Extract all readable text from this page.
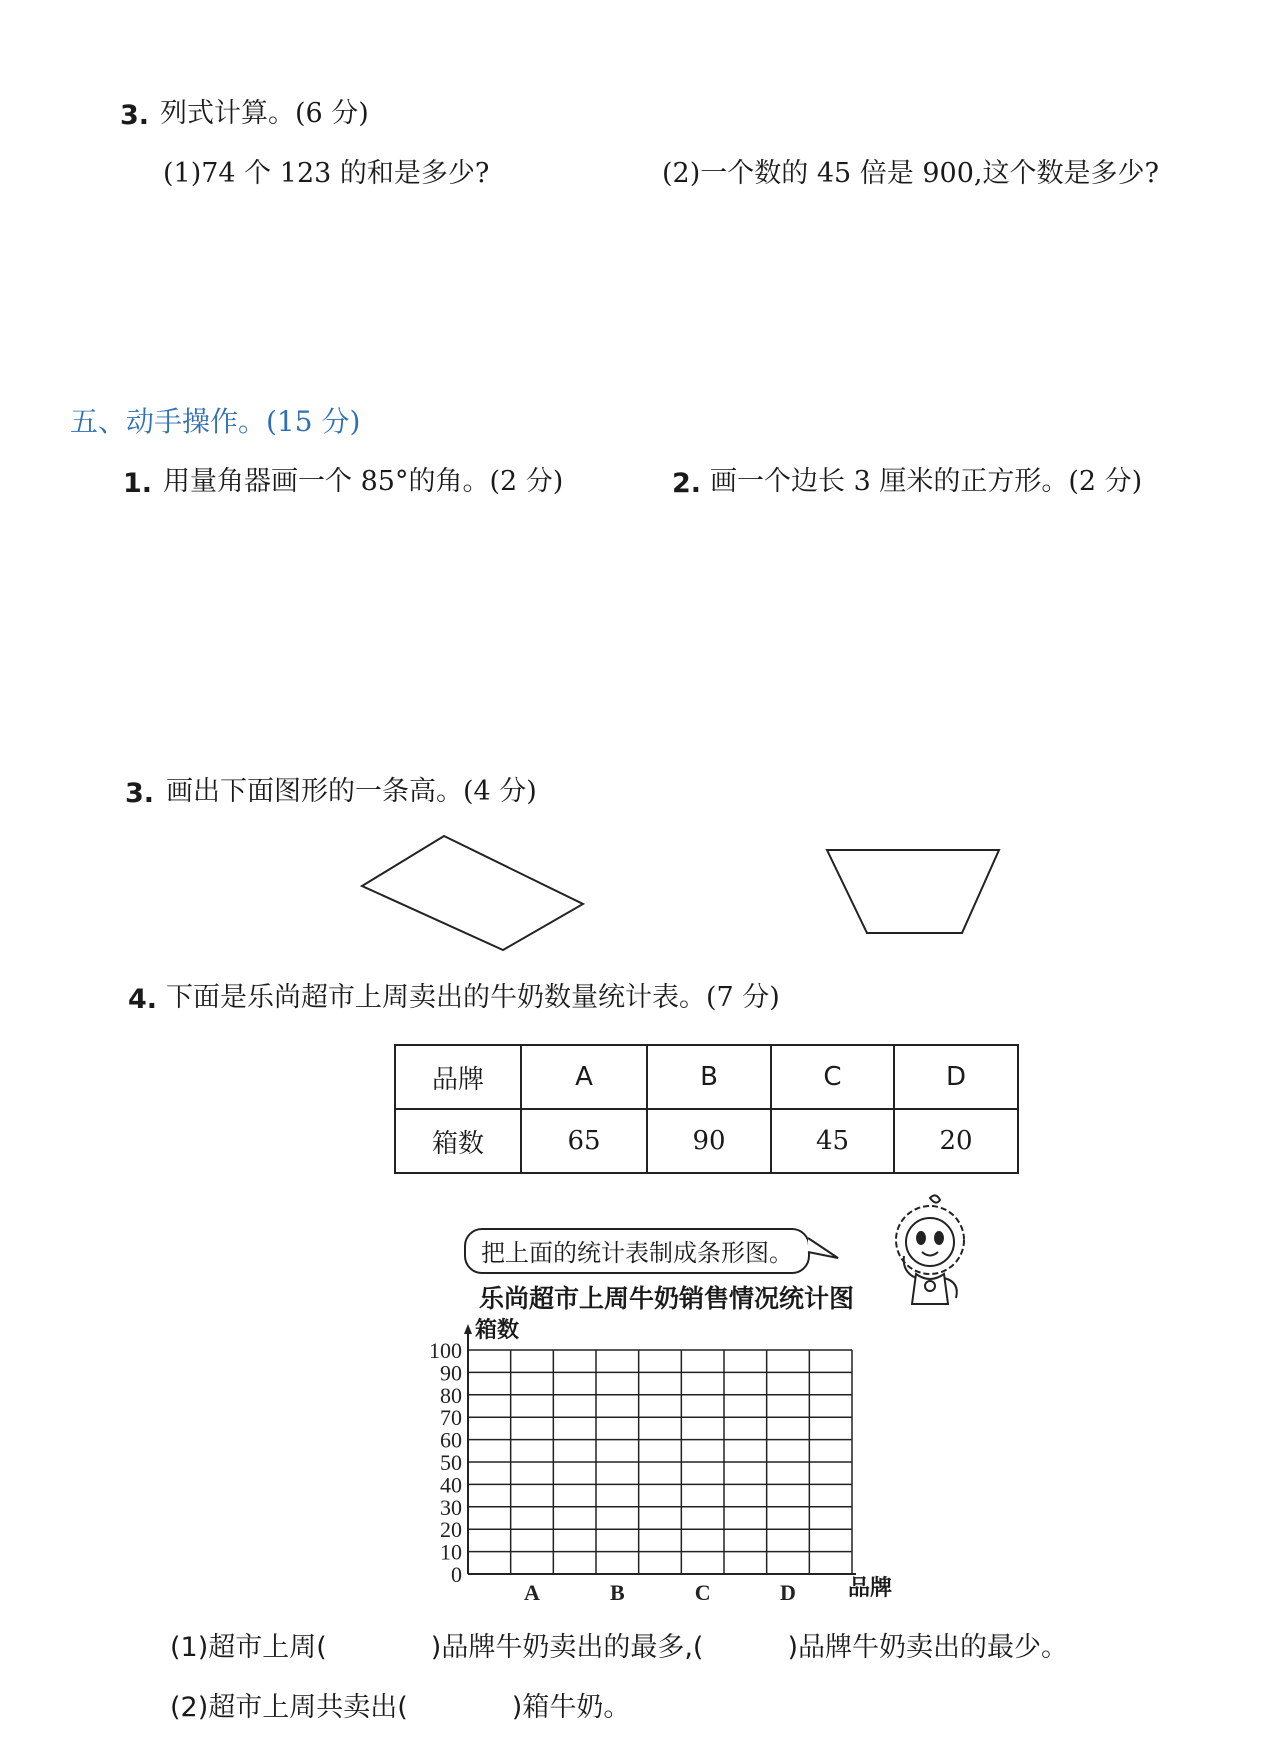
3. 列式计算。(6 分)
(1)74 个 123 的和是多少?	(2)一个数的 45 倍是 900,这个数是多少?
五、动手操作。(15 分)
1. 用量角器画一个 85°的角。(2 分)	2. 画一个边长 3 厘米的正方形。(2 分)
3. 画出下面图形的一条高。(4 分)
4. 下面是乐尚超市上周卖出的牛奶数量统计表。(7 分)
品牌	A	B	C	D
箱数	65	90	45	20
把上面的统计表制成条形图。
乐尚超市上周牛奶销售情况统计图
0
10
20
30
40
50
60
70
80
90
100
A	B	C	D
箱数
品牌
(1)超市上周(	)品牌牛奶卖出的最多,(	)品牌牛奶卖出的最少。
(2)超市上周共卖出(	)箱牛奶。
